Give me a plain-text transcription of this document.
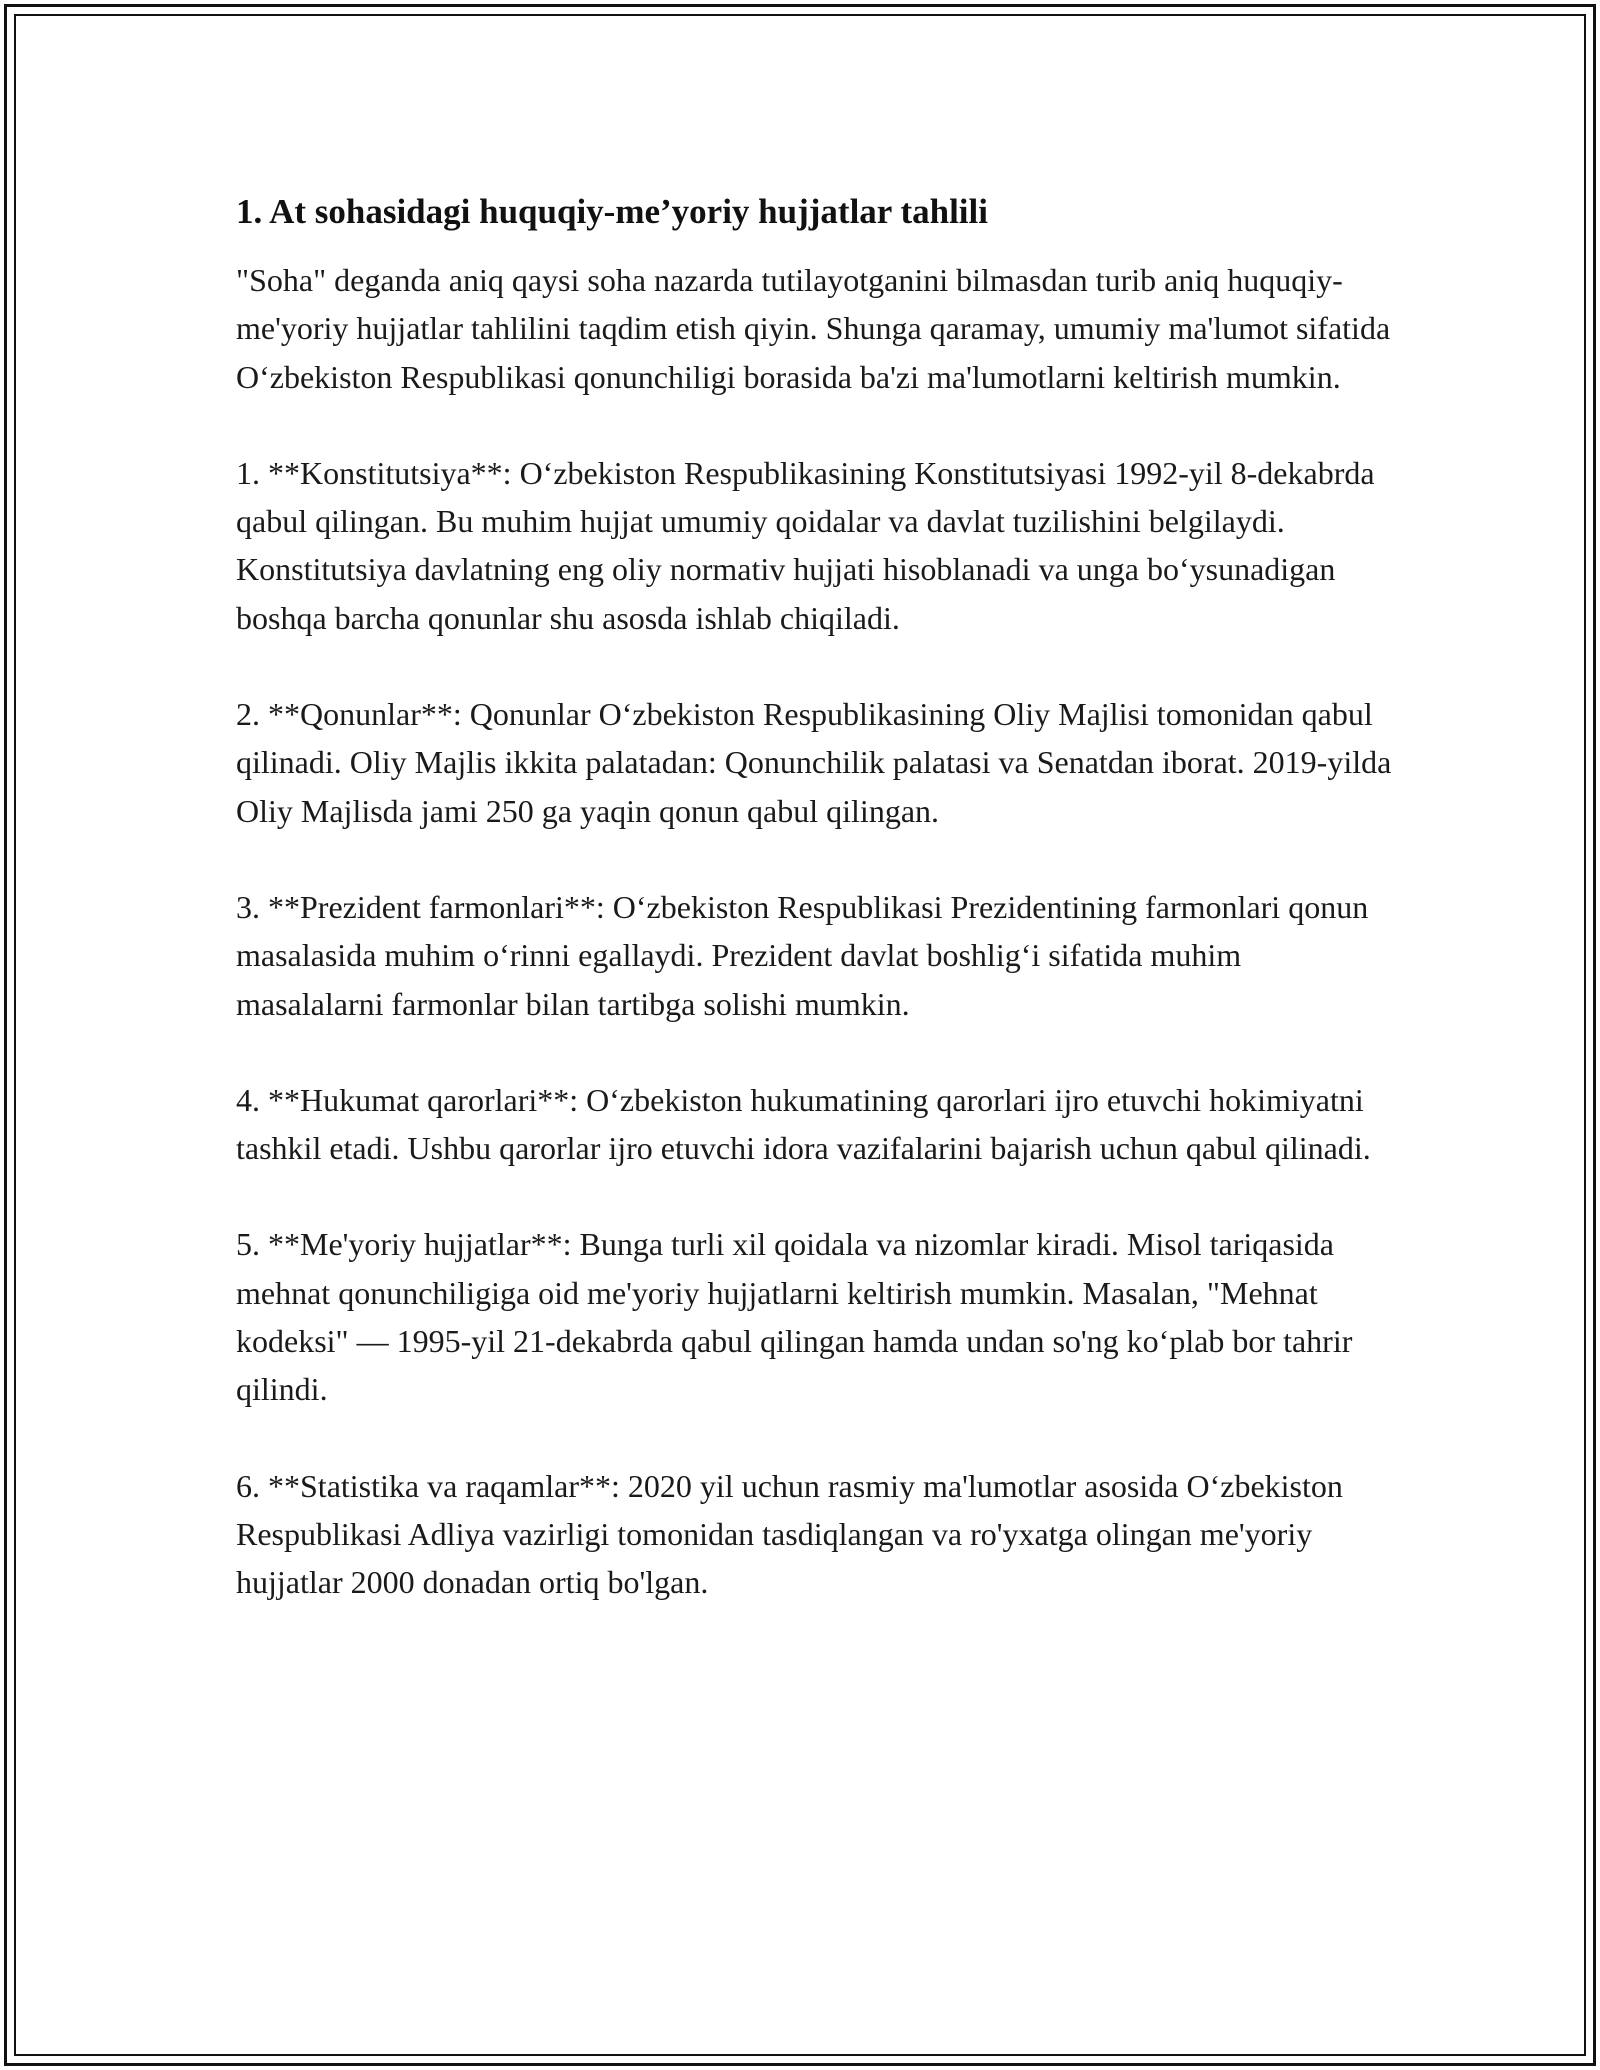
1. At sohasidagi huquqiy-me’yoriy hujjatlar tahlili

"Soha" deganda aniq qaysi soha nazarda tutilayotganini bilmasdan turib aniq huquqiy-me'yoriy hujjatlar tahlilini taqdim etish qiyin. Shunga qaramay, umumiy ma'lumot sifatida O‘zbekiston Respublikasi qonunchiligi borasida ba'zi ma'lumotlarni keltirish mumkin.

1. **Konstitutsiya**: O‘zbekiston Respublikasining Konstitutsiyasi 1992-yil 8-dekabrda qabul qilingan. Bu muhim hujjat umumiy qoidalar va davlat tuzilishini belgilaydi. Konstitutsiya davlatning eng oliy normativ hujjati hisoblanadi va unga bo‘ysunadigan boshqa barcha qonunlar shu asosda ishlab chiqiladi.

2. **Qonunlar**: Qonunlar O‘zbekiston Respublikasining Oliy Majlisi tomonidan qabul qilinadi. Oliy Majlis ikkita palatadan: Qonunchilik palatasi va Senatdan iborat. 2019-yilda Oliy Majlisda jami 250 ga yaqin qonun qabul qilingan.

3. **Prezident farmonlari**: O‘zbekiston Respublikasi Prezidentining farmonlari qonun masalasida muhim o‘rinni egallaydi. Prezident davlat boshlig‘i sifatida muhim masalalarni farmonlar bilan tartibga solishi mumkin.

4. **Hukumat qarorlari**: O‘zbekiston hukumatining qarorlari ijro etuvchi hokimiyatni tashkil etadi. Ushbu qarorlar ijro etuvchi idora vazifalarini bajarish uchun qabul qilinadi.

5. **Me'yoriy hujjatlar**: Bunga turli xil qoidala va nizomlar kiradi. Misol tariqasida mehnat qonunchiligiga oid me'yoriy hujjatlarni keltirish mumkin. Masalan, "Mehnat kodeksi" — 1995-yil 21-dekabrda qabul qilingan hamda undan so'ng ko‘plab bor tahrir qilindi.

6. **Statistika va raqamlar**: 2020 yil uchun rasmiy ma'lumotlar asosida O‘zbekiston Respublikasi Adliya vazirligi tomonidan tasdiqlangan va ro'yxatga olingan me'yoriy hujjatlar 2000 donadan ortiq bo'lgan.
